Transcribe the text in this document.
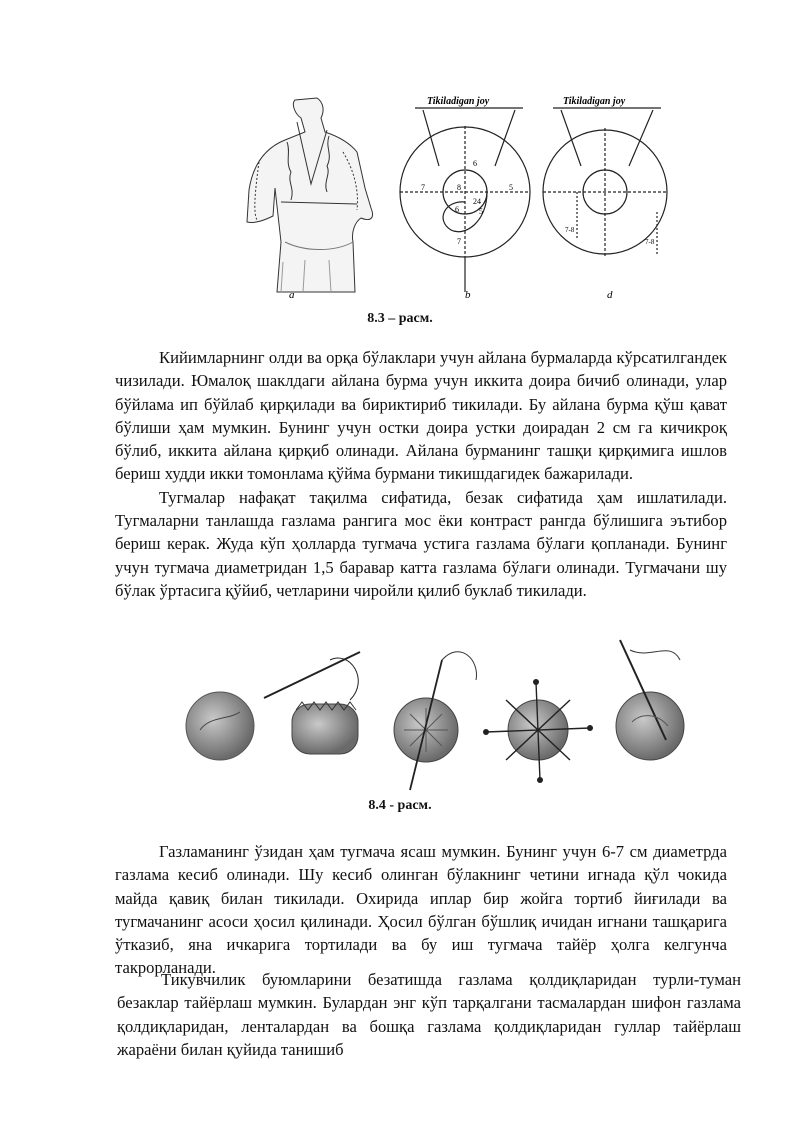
a
Tikiladigan joy
6
7	5
8
24
6	5
7
b
Tikiladigan joy
7-8
7-8
d
8.3 – расм.

Кийимларнинг олди ва орқа бўлаклари учун айлана бурмаларда кўрсатилгандек чизилади. Юмалоқ шаклдаги айлана бурма учун иккита доира бичиб олинади, улар бўйлама ип бўйлаб қирқилади ва бириктириб тикилади. Бу айлана бурма қўш қават бўлиши ҳам мумкин. Бунинг учун остки доира устки доирадан 2 см га кичикроқ бўлиб, иккита айлана қирқиб олинади. Айлана бурманинг ташқи қирқимига ишлов бериш худди икки томонлама қўйма бурмани тикишдагидек бажарилади.

Тугмалар нафақат тақилма сифатида, безак сифатида ҳам ишлатилади. Тугмаларни танлашда газлама рангига мос ёки контраст рангда бўлишига эътибор бериш керак. Жуда кўп ҳолларда тугмача устига газлама бўлаги қопланади. Бунинг учун тугмача диаметридан 1,5 баравар катта газлама бўлаги олинади. Тугмачани шу бўлак ўртасига қўйиб, четларини чиройли қилиб буклаб тикилади.

8.4 - расм.

Газламанинг ўзидан ҳам тугмача ясаш мумкин. Бунинг учун 6-7 см диаметрда газлама кесиб олинади. Шу кесиб олинган бўлакнинг четини игнада қўл чокида майда қавиқ билан тикилади. Охирида иплар бир жойга тортиб йиғилади ва тугмачанинг асоси ҳосил қилинади. Ҳосил бўлган бўшлиқ ичидан игнани ташқарига ўтказиб, яна ичкарига тортилади ва бу иш тугмача тайёр ҳолга келгунча такрорланади.

Тикувчилик буюмларини безатишда газлама қолдиқларидан турли-туман безаклар тайёрлаш мумкин. Булардан энг кўп тарқалгани тасмалардан шифон газлама қолдиқларидан, ленталардан ва бошқа газлама қолдиқларидан гуллар тайёрлаш жараёни билан қуйида танишиб
